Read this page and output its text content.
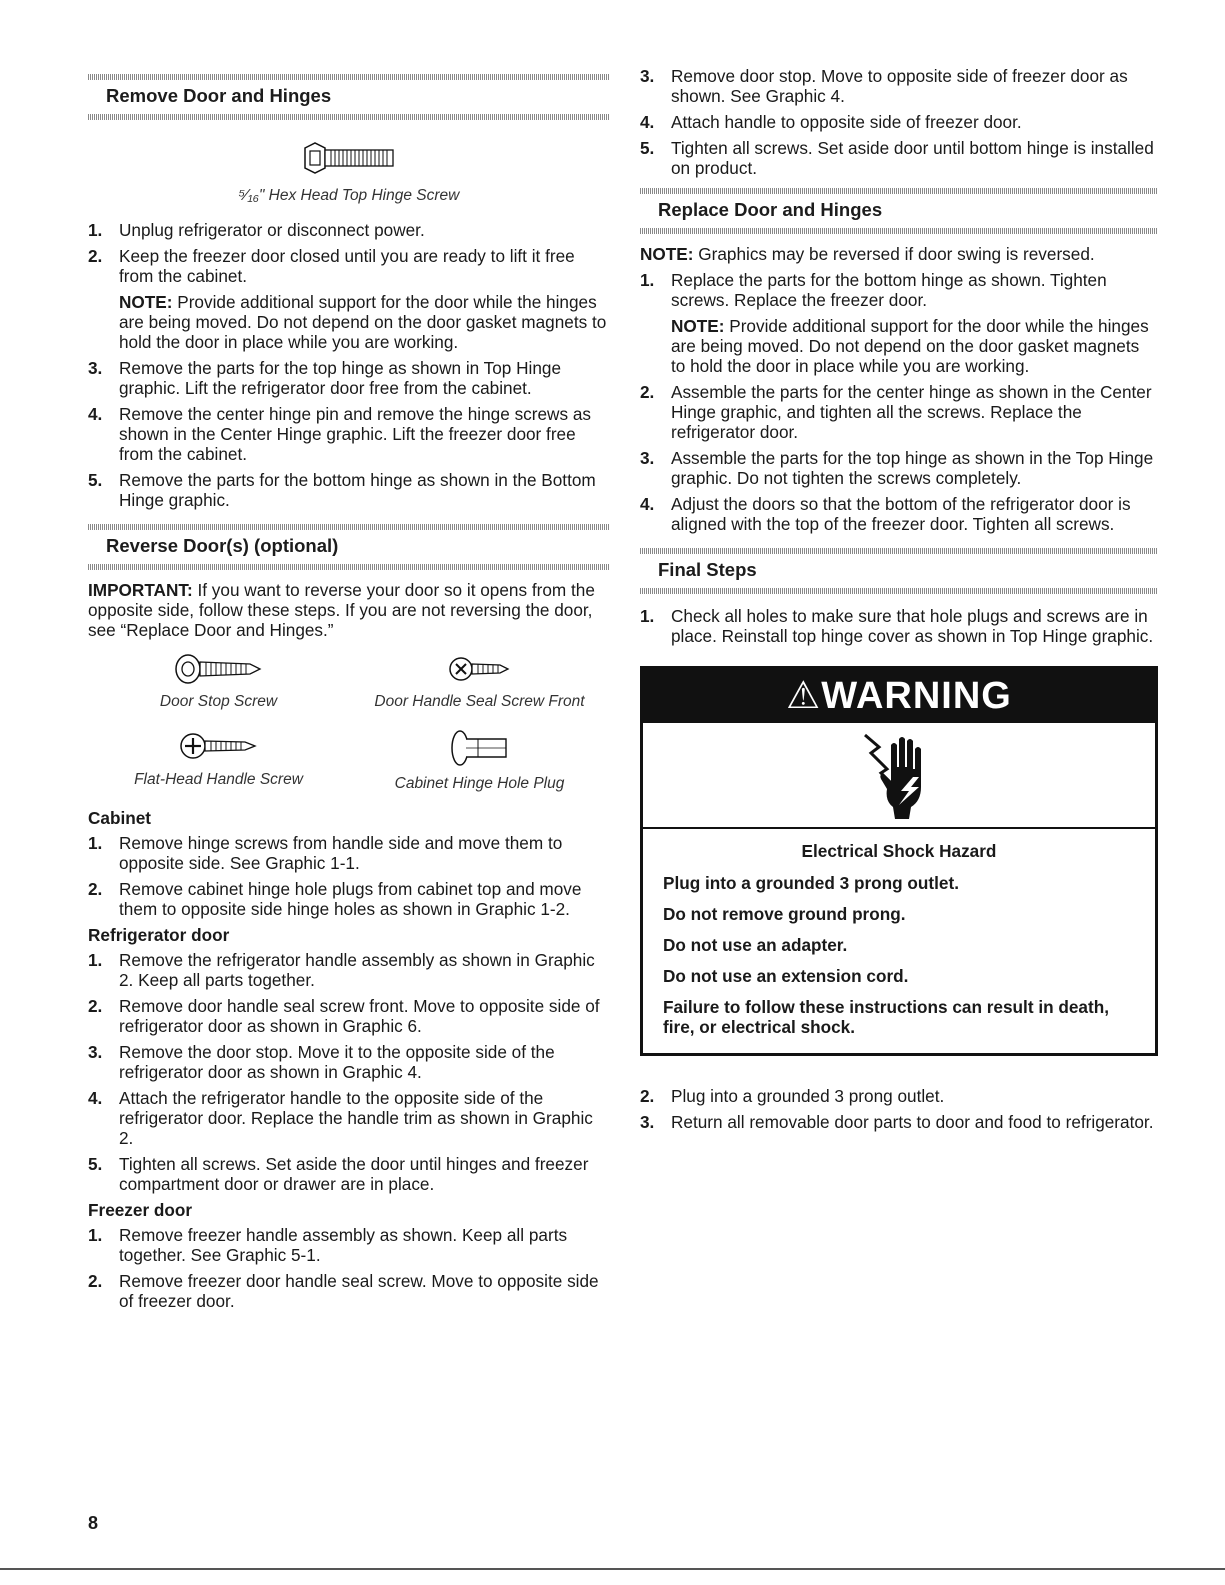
Remove Door and Hinges
⁵⁄₁₆" Hex Head Top Hinge Screw
1. Unplug refrigerator or disconnect power.
2. Keep the freezer door closed until you are ready to lift it free from the cabinet.
NOTE: Provide additional support for the door while the hinges are being moved. Do not depend on the door gasket magnets to hold the door in place while you are working.
3. Remove the parts for the top hinge as shown in Top Hinge graphic. Lift the refrigerator door free from the cabinet.
4. Remove the center hinge pin and remove the hinge screws as shown in the Center Hinge graphic. Lift the freezer door free from the cabinet.
5. Remove the parts for the bottom hinge as shown in the Bottom Hinge graphic.
Reverse Door(s) (optional)

IMPORTANT: If you want to reverse your door so it opens from the opposite side, follow these steps. If you are not reversing the door, see “Replace Door and Hinges.”

Door Stop Screw	Door Handle Seal Screw Front
Flat-Head Handle Screw	Cabinet Hinge Hole Plug
Cabinet
1. Remove hinge screws from handle side and move them to opposite side. See Graphic 1-1.
2. Remove cabinet hinge hole plugs from cabinet top and move them to opposite side hinge holes as shown in Graphic 1-2.
Refrigerator door
1. Remove the refrigerator handle assembly as shown in Graphic 2. Keep all parts together.
2. Remove door handle seal screw front. Move to opposite side of refrigerator door as shown in Graphic 6.
3. Remove the door stop. Move it to the opposite side of the refrigerator door as shown in Graphic 4.
4. Attach the refrigerator handle to the opposite side of the refrigerator door. Replace the handle trim as shown in Graphic 2.
5. Tighten all screws. Set aside the door until hinges and freezer compartment door or drawer are in place.
Freezer door
1. Remove freezer handle assembly as shown. Keep all parts together. See Graphic 5-1.
2. Remove freezer door handle seal screw. Move to opposite side of freezer door.
3. Remove door stop. Move to opposite side of freezer door as shown. See Graphic 4.
4. Attach handle to opposite side of freezer door.
5. Tighten all screws. Set aside door until bottom hinge is installed on product.
Replace Door and Hinges

NOTE: Graphics may be reversed if door swing is reversed.

1. Replace the parts for the bottom hinge as shown. Tighten screws. Replace the freezer door.
NOTE: Provide additional support for the door while the hinges are being moved. Do not depend on the door gasket magnets to hold the door in place while you are working.
2. Assemble the parts for the center hinge as shown in the Center Hinge graphic, and tighten all the screws. Replace the refrigerator door.
3. Assemble the parts for the top hinge as shown in the Top Hinge graphic. Do not tighten the screws completely.
4. Adjust the doors so that the bottom of the refrigerator door is aligned with the top of the freezer door. Tighten all screws.
Final Steps
1. Check all holes to make sure that hole plugs and screws are in place. Reinstall top hinge cover as shown in Top Hinge graphic.
⚠WARNING
Electrical Shock Hazard
Plug into a grounded 3 prong outlet.
Do not remove ground prong.
Do not use an adapter.
Do not use an extension cord.
Failure to follow these instructions can result in death, fire, or electrical shock.
2. Plug into a grounded 3 prong outlet.
3. Return all removable door parts to door and food to refrigerator.
8
